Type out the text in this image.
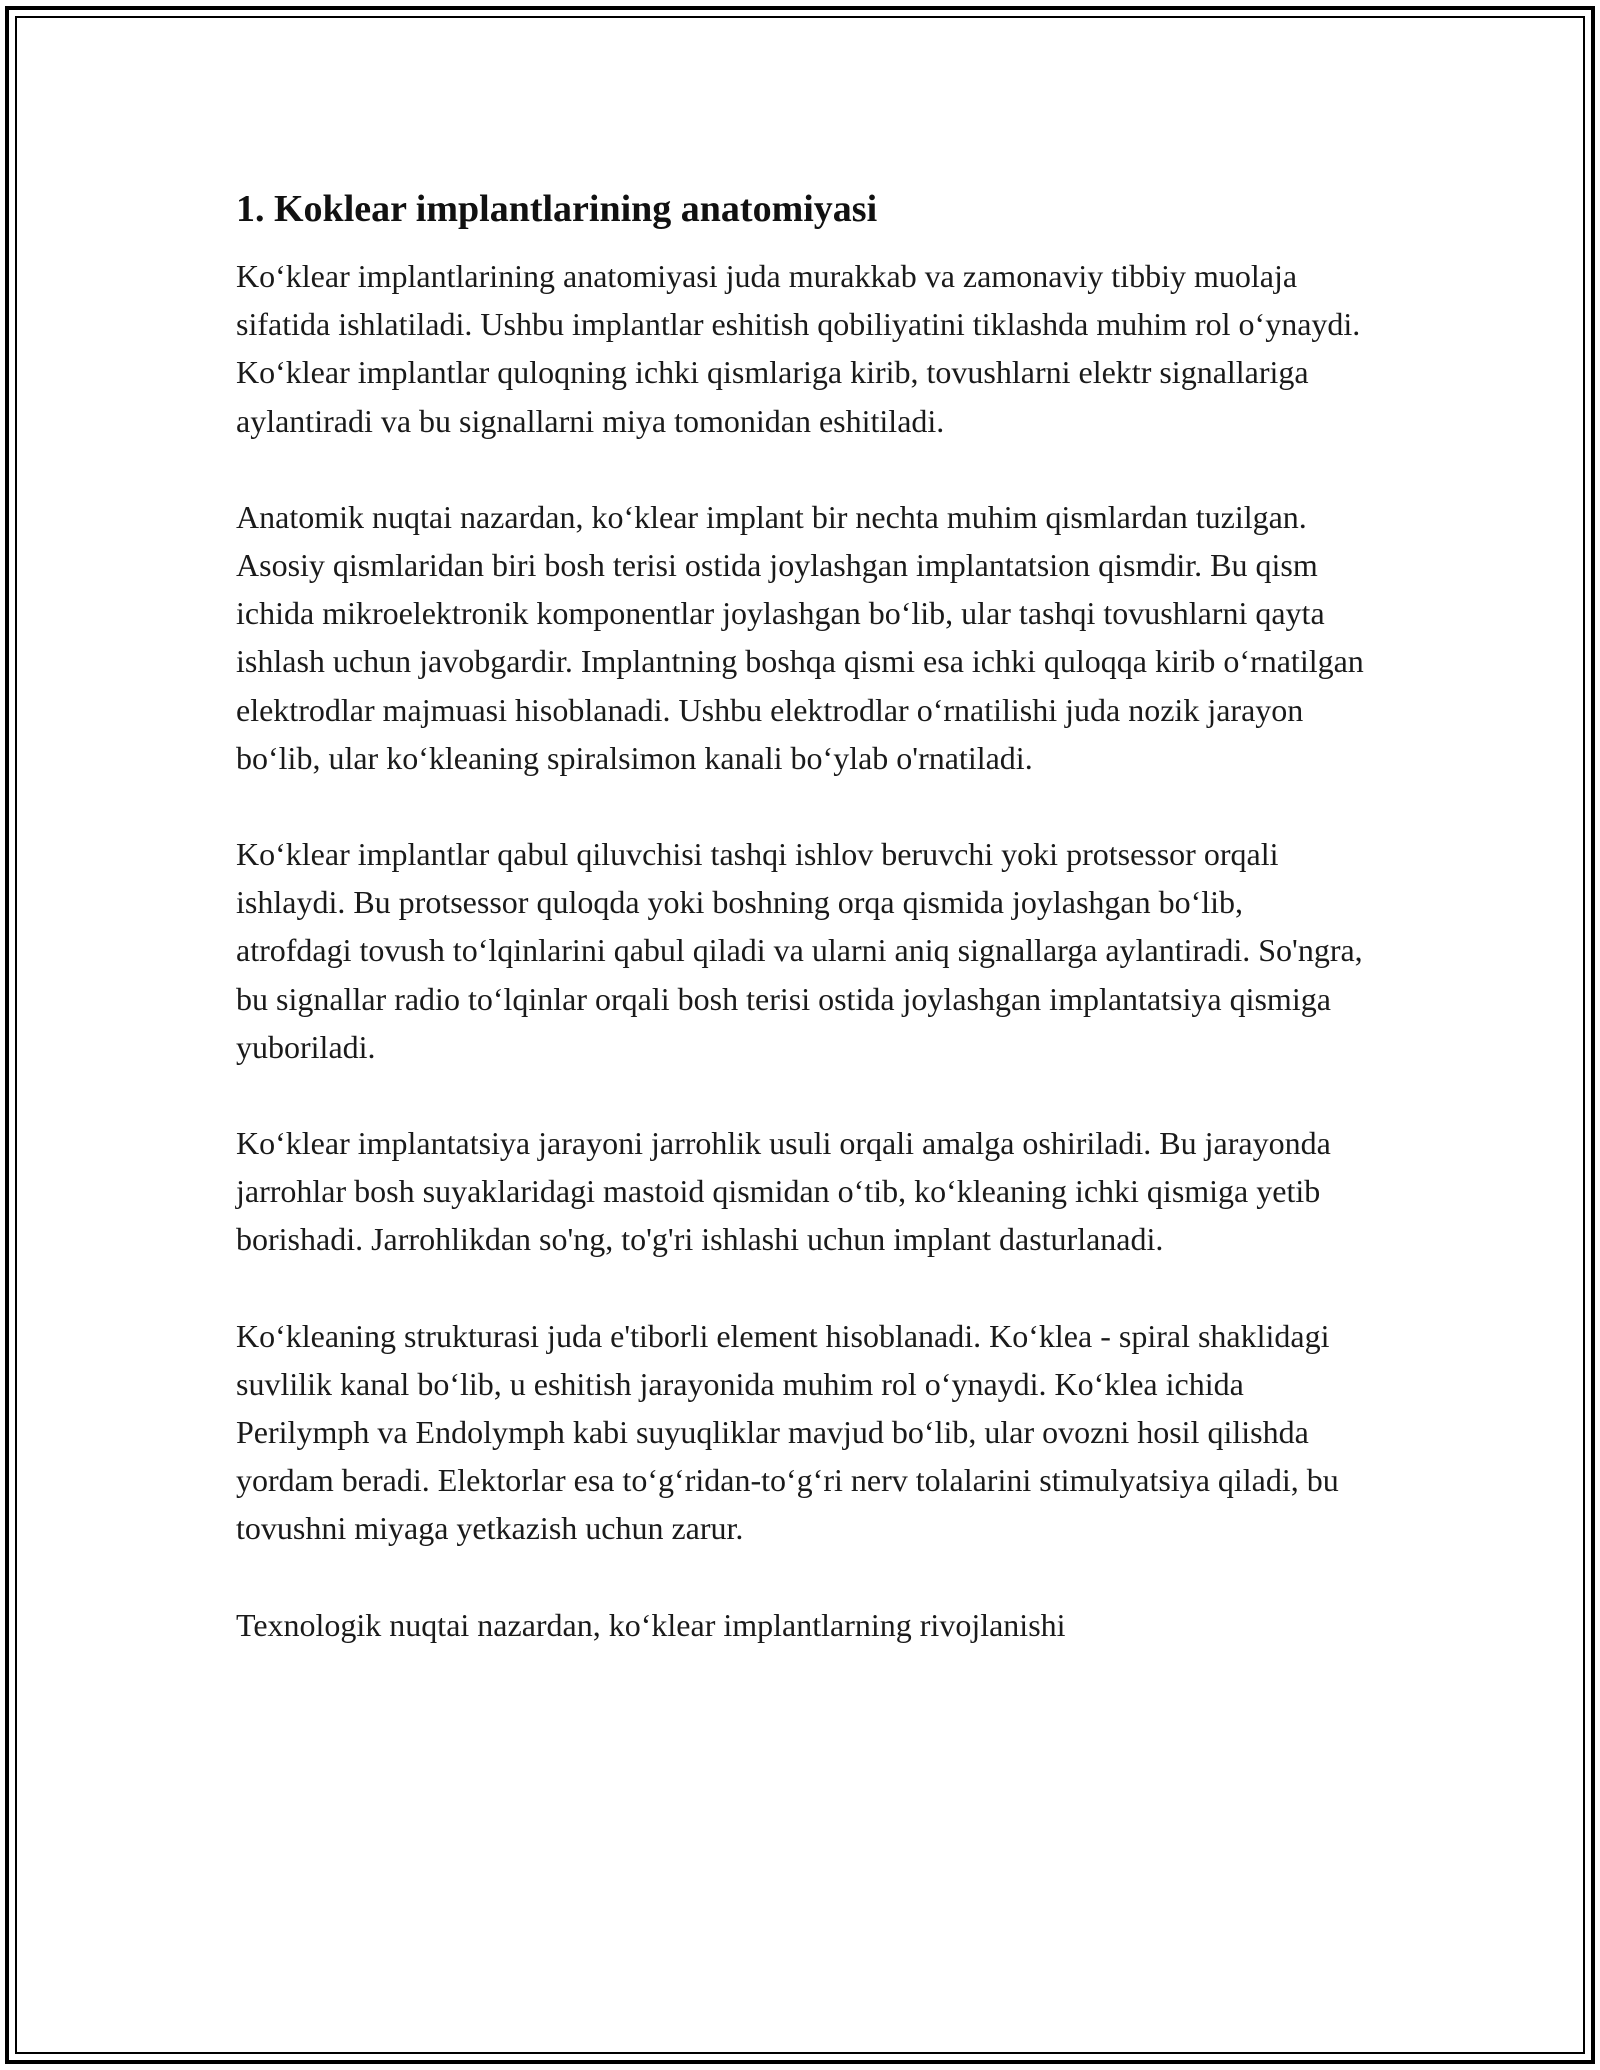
1. Koklear implantlarining anatomiyasi

Ko‘klear implantlarining anatomiyasi juda murakkab va zamonaviy tibbiy muolaja sifatida ishlatiladi. Ushbu implantlar eshitish qobiliyatini tiklashda muhim rol o‘ynaydi. Ko‘klear implantlar quloqning ichki qismlariga kirib, tovushlarni elektr signallariga aylantiradi va bu signallarni miya tomonidan eshitiladi.

Anatomik nuqtai nazardan, ko‘klear implant bir nechta muhim qismlardan tuzilgan. Asosiy qismlaridan biri bosh terisi ostida joylashgan implantatsion qismdir. Bu qism ichida mikroelektronik komponentlar joylashgan bo‘lib, ular tashqi tovushlarni qayta ishlash uchun javobgardir. Implantning boshqa qismi esa ichki quloqqa kirib o‘rnatilgan elektrodlar majmuasi hisoblanadi. Ushbu elektrodlar o‘rnatilishi juda nozik jarayon bo‘lib, ular ko‘kleaning spiralsimon kanali bo‘ylab o'rnatiladi.

Ko‘klear implantlar qabul qiluvchisi tashqi ishlov beruvchi yoki protsessor orqali ishlaydi. Bu protsessor quloqda yoki boshning orqa qismida joylashgan bo‘lib, atrofdagi tovush to‘lqinlarini qabul qiladi va ularni aniq signallarga aylantiradi. So'ngra, bu signallar radio to‘lqinlar orqali bosh terisi ostida joylashgan implantatsiya qismiga yuboriladi.

Ko‘klear implantatsiya jarayoni jarrohlik usuli orqali amalga oshiriladi. Bu jarayonda jarrohlar bosh suyaklaridagi mastoid qismidan o‘tib, ko‘kleaning ichki qismiga yetib borishadi. Jarrohlikdan so'ng, to'g'ri ishlashi uchun implant dasturlanadi.

Ko‘kleaning strukturasi juda e'tiborli element hisoblanadi. Ko‘klea - spiral shaklidagi suvlilik kanal bo‘lib, u eshitish jarayonida muhim rol o‘ynaydi. Ko‘klea ichida Perilymph va Endolymph kabi suyuqliklar mavjud bo‘lib, ular ovozni hosil qilishda yordam beradi. Elektorlar esa to‘g‘ridan-to‘g‘ri nerv tolalarini stimulyatsiya qiladi, bu tovushni miyaga yetkazish uchun zarur.

Texnologik nuqtai nazardan, ko‘klear implantlarning rivojlanishi
